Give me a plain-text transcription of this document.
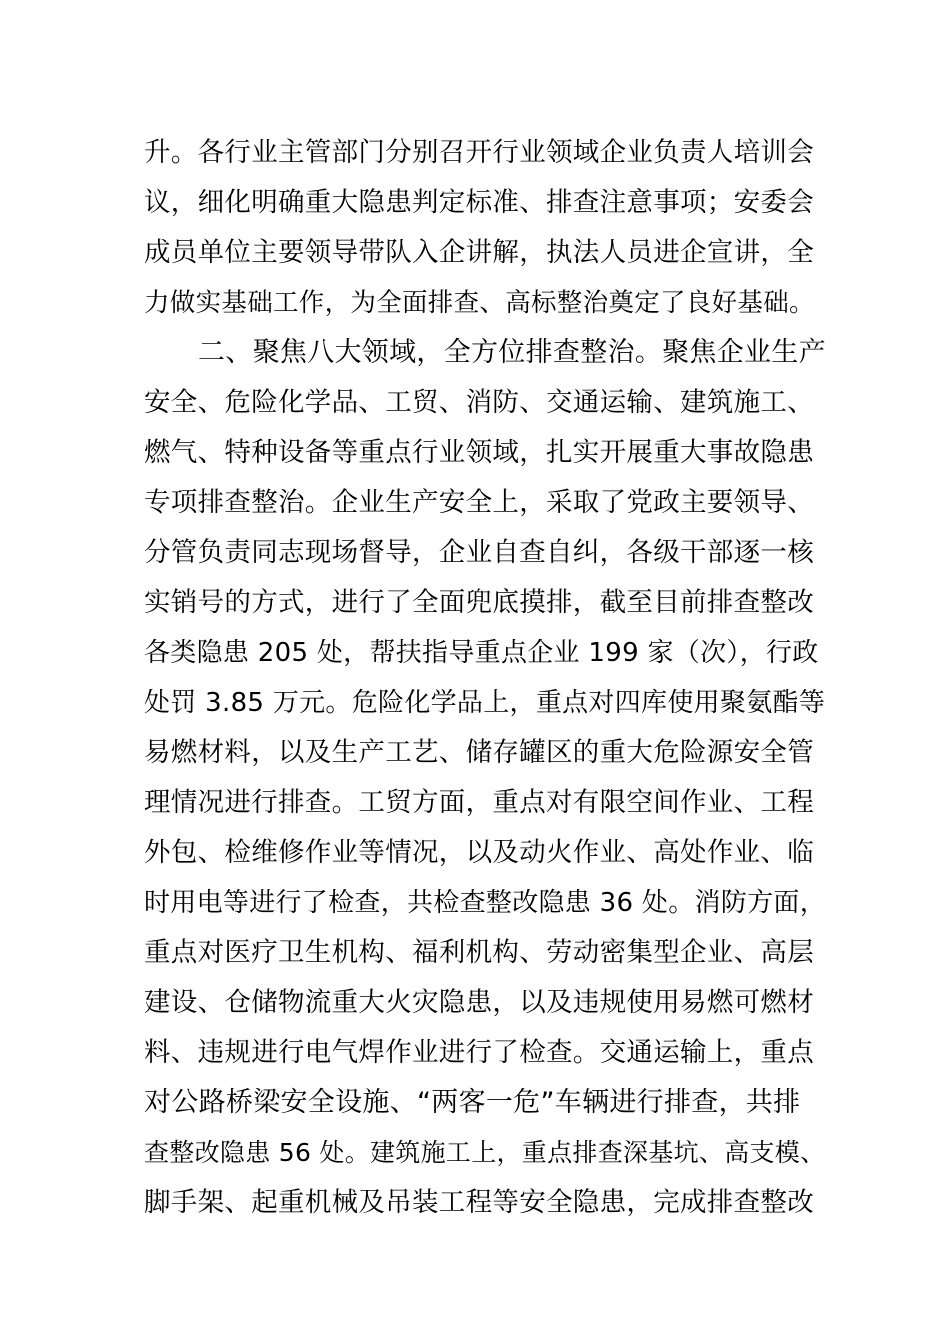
升。各行业主管部门分别召开行业领域企业负责人培训会
议，细化明确重大隐患判定标准、排查注意事项；安委会
成员单位主要领导带队入企讲解，执法人员进企宣讲，全
力做实基础工作，为全面排查、高标整治奠定了良好基础。
二、聚焦八大领域，全方位排查整治。聚焦企业生产
安全、危险化学品、工贸、消防、交通运输、建筑施工、
燃气、特种设备等重点行业领域，扎实开展重大事故隐患
专项排查整治。企业生产安全上，采取了党政主要领导、
分管负责同志现场督导，企业自查自纠，各级干部逐一核
实销号的方式，进行了全面兜底摸排，截至目前排查整改
各类隐患 205 处，帮扶指导重点企业 199 家（次），行政
处罚 3.85 万元。危险化学品上，重点对四库使用聚氨酯等
易燃材料，以及生产工艺、储存罐区的重大危险源安全管
理情况进行排查。工贸方面，重点对有限空间作业、工程
外包、检维修作业等情况，以及动火作业、高处作业、临
时用电等进行了检查，共检查整改隐患 36 处。消防方面，
重点对医疗卫生机构、福利机构、劳动密集型企业、高层
建设、仓储物流重大火灾隐患，以及违规使用易燃可燃材
料、违规进行电气焊作业进行了检查。交通运输上，重点
对公路桥梁安全设施、“两客一危”车辆进行排查，共排
查整改隐患 56 处。建筑施工上，重点排查深基坑、高支模、
脚手架、起重机械及吊装工程等安全隐患，完成排查整改
